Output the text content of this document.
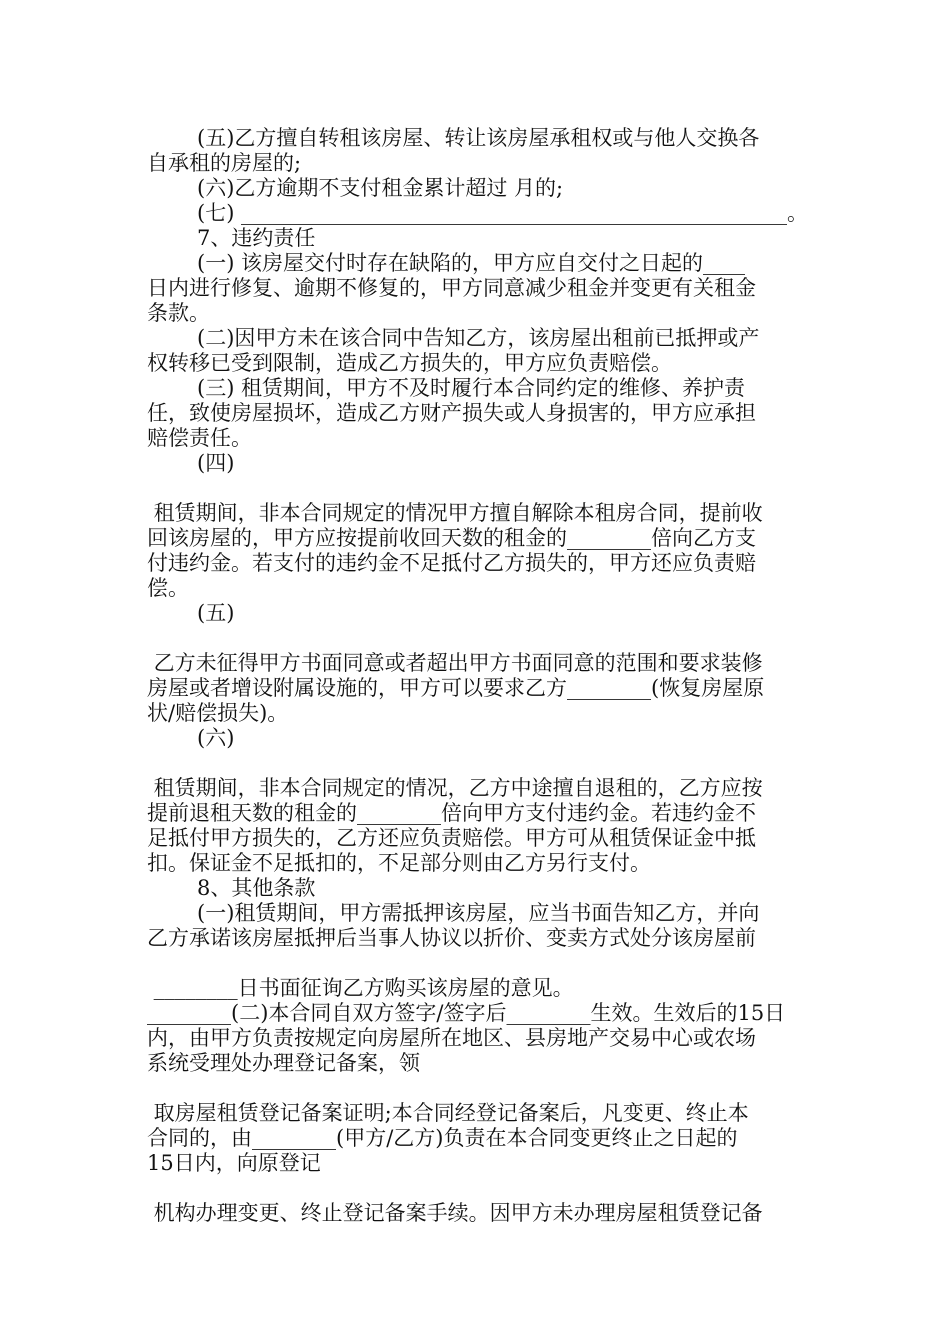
(五)乙方擅自转租该房屋、转让该房屋承租权或与他人交换各

自承租的房屋的;

(六)乙方逾期不支付租金累计超过 月的;

(七) ____________________________________________________。

7、违约责任

(一) 该房屋交付时存在缺陷的，甲方应自交付之日起的____

日内进行修复、逾期不修复的，甲方同意减少租金并变更有关租金

条款。

(二)因甲方未在该合同中告知乙方，该房屋出租前已抵押或产

权转移已受到限制，造成乙方损失的，甲方应负责赔偿。

(三) 租赁期间，甲方不及时履行本合同约定的维修、养护责

任，致使房屋损坏，造成乙方财产损失或人身损害的，甲方应承担

赔偿责任。

(四)

租赁期间，非本合同规定的情况甲方擅自解除本租房合同，提前收

回该房屋的，甲方应按提前收回天数的租金的________倍向乙方支

付违约金。若支付的违约金不足抵付乙方损失的，甲方还应负责赔

偿。

(五)

乙方未征得甲方书面同意或者超出甲方书面同意的范围和要求装修

房屋或者增设附属设施的，甲方可以要求乙方________(恢复房屋原

状/赔偿损失)。

(六)

租赁期间，非本合同规定的情况，乙方中途擅自退租的，乙方应按

提前退租天数的租金的________倍向甲方支付违约金。若违约金不

足抵付甲方损失的，乙方还应负责赔偿。甲方可从租赁保证金中抵

扣。保证金不足抵扣的，不足部分则由乙方另行支付。

8、其他条款

(一)租赁期间，甲方需抵押该房屋，应当书面告知乙方，并向

乙方承诺该房屋抵押后当事人协议以折价、变卖方式处分该房屋前

________日书面征询乙方购买该房屋的意见。

________(二)本合同自双方签字/签字后________生效。生效后的15日

内，由甲方负责按规定向房屋所在地区、县房地产交易中心或农场

系统受理处办理登记备案，领

取房屋租赁登记备案证明;本合同经登记备案后，凡变更、终止本

合同的，由________(甲方/乙方)负责在本合同变更终止之日起的

15日内，向原登记

机构办理变更、终止登记备案手续。因甲方未办理房屋租赁登记备
